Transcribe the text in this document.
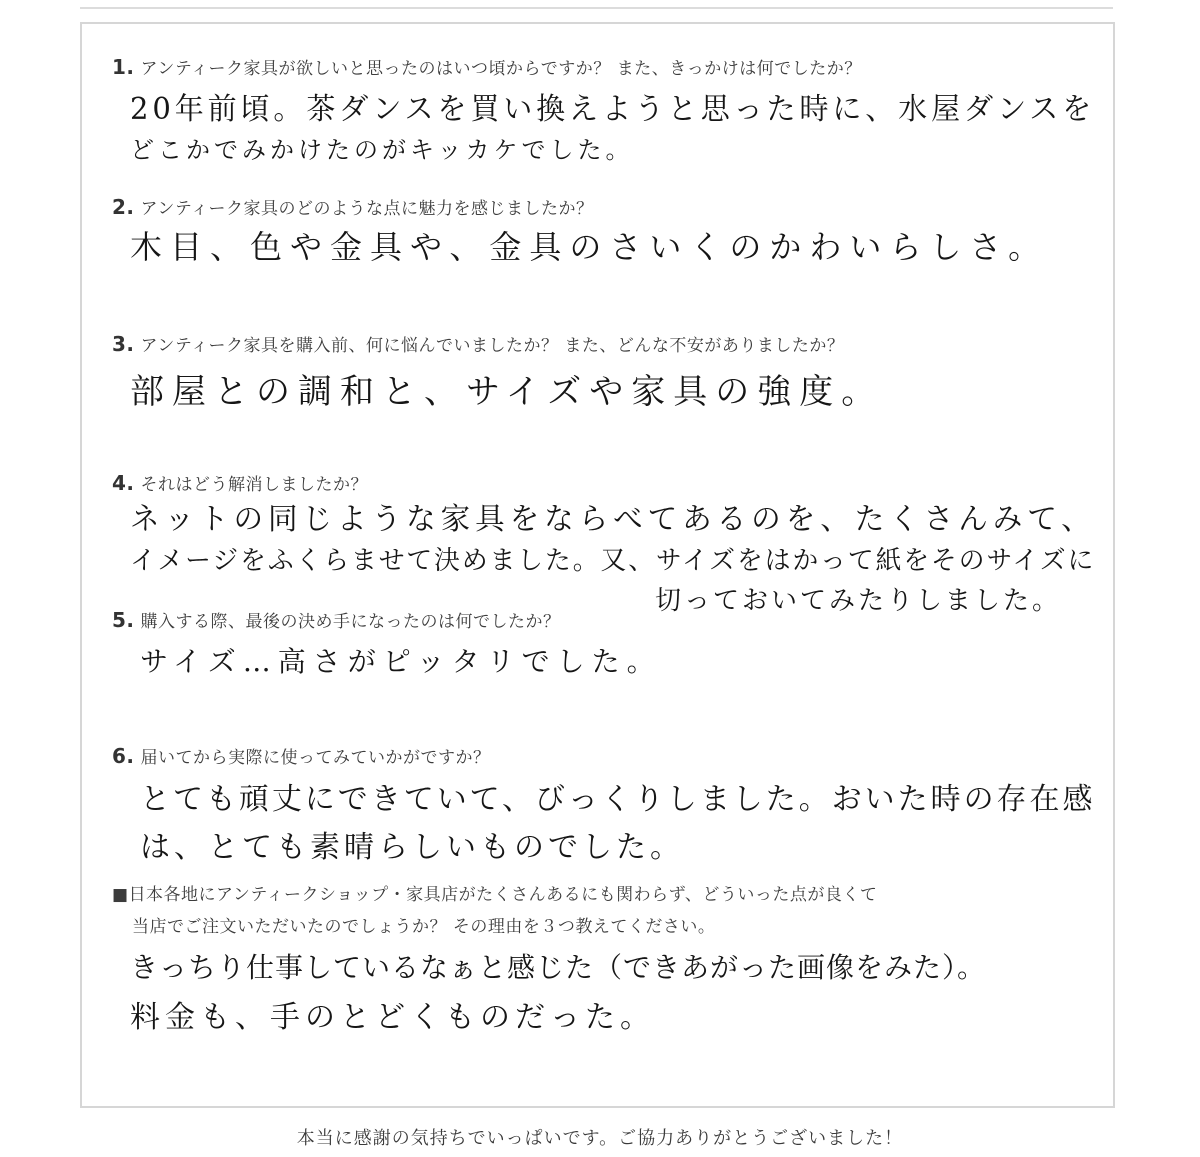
1. アンティーク家具が欲しいと思ったのはいつ頃からですか？ また、きっかけは何でしたか？
20年前頃。茶ダンスを買い換えようと思った時に、水屋ダンスを
どこかでみかけたのがキッカケでした。
2. アンティーク家具のどのような点に魅力を感じましたか？
木目、色や金具や、金具のさいくのかわいらしさ。
3. アンティーク家具を購入前、何に悩んでいましたか？ また、どんな不安がありましたか？
部屋との調和と、サイズや家具の強度。
4. それはどう解消しましたか？
ネットの同じような家具をならべてあるのを、たくさんみて、
イメージをふくらませて決めました。又、サイズをはかって紙をそのサイズに
切っておいてみたりしました。
5. 購入する際、最後の決め手になったのは何でしたか？
サイズ…高さがピッタリでした。
6. 届いてから実際に使ってみていかがですか？
とても頑丈にできていて、びっくりしました。おいた時の存在感
は、とても素晴らしいものでした。
■日本各地にアンティークショップ・家具店がたくさんあるにも関わらず、どういった点が良くて
当店でご注文いただいたのでしょうか？ その理由を３つ教えてください。
きっちり仕事しているなぁと感じた（できあがった画像をみた）。
料金も、手のとどくものだった。
本当に感謝の気持ちでいっぱいです。ご協力ありがとうございました！
